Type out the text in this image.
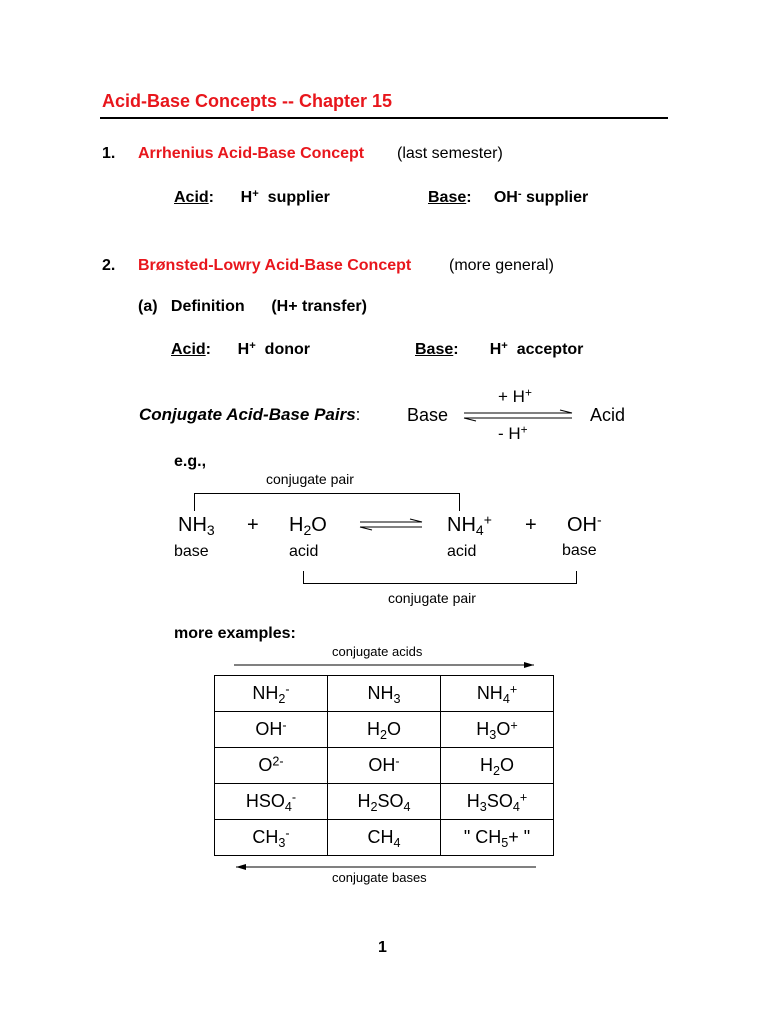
Acid-Base Concepts -- Chapter 15
1. Arrhenius Acid-Base Concept (last semester)
Acid:      H+ supplier	Base:     OH- supplier
2. Brønsted-Lowry Acid-Base Concept (more general)
(a)   Definition      (H+ transfer)
Acid:      H+ donor	Base:       H+ acceptor
Conjugate Acid-Base Pairs:	Base	Acid
+ H+
- H+
e.g.,
conjugate pair
$NH_3 + H_2O$	$NH_4^+ + OH^-$
base	acid	acid	base
conjugate pair
more examples:
conjugate acids
$NH_2^-$	$NH_3$	$NH_4^+$
OH-	$H_2O$	$H_3O^+$
$O^{2-}$	OH-	$H_2O$
$HSO_4^-$	$H_2SO_4$	$H_3SO_4^+$
$CH_3^-$	$CH_4$	" $CH_5+$ "
conjugate bases
1
